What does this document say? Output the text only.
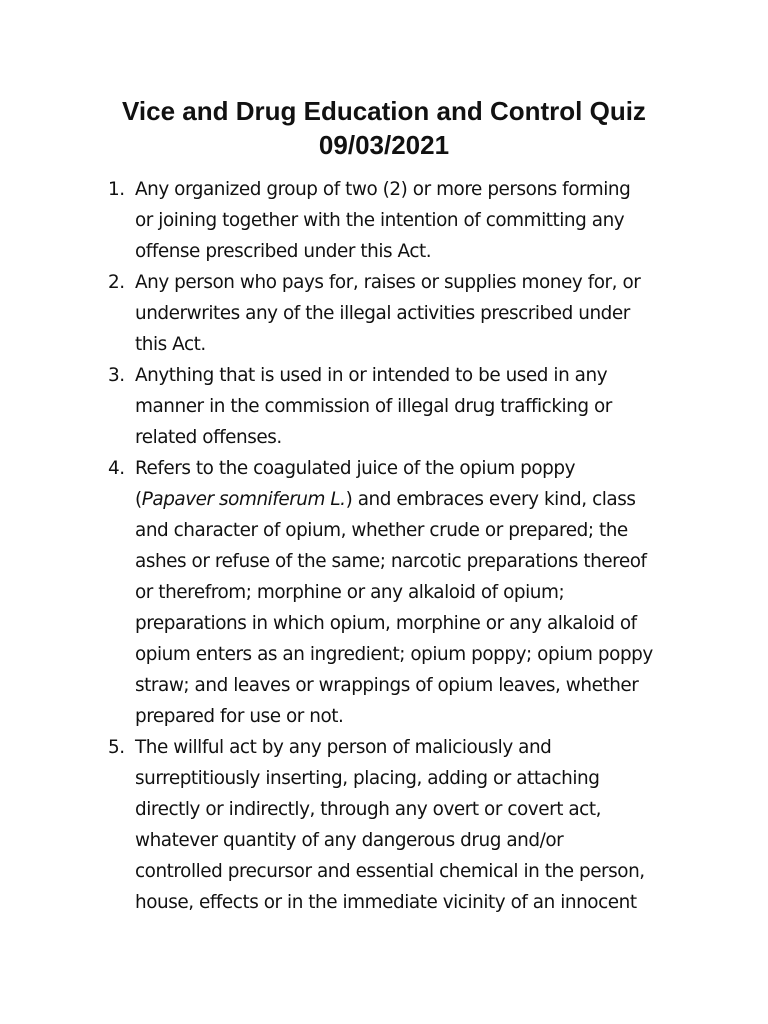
Vice and Drug Education and Control Quiz
09/03/2021
1. Any organized group of two (2) or more persons forming
or joining together with the intention of committing any
offense prescribed under this Act.
2. Any person who pays for, raises or supplies money for, or
underwrites any of the illegal activities prescribed under
this Act.
3. Anything that is used in or intended to be used in any
manner in the commission of illegal drug trafficking or
related offenses.
4. Refers to the coagulated juice of the opium poppy
(Papaver somniferum L.) and embraces every kind, class
and character of opium, whether crude or prepared; the
ashes or refuse of the same; narcotic preparations thereof
or therefrom; morphine or any alkaloid of opium;
preparations in which opium, morphine or any alkaloid of
opium enters as an ingredient; opium poppy; opium poppy
straw; and leaves or wrappings of opium leaves, whether
prepared for use or not.
5. The willful act by any person of maliciously and
surreptitiously inserting, placing, adding or attaching
directly or indirectly, through any overt or covert act,
whatever quantity of any dangerous drug and/or
controlled precursor and essential chemical in the person,
house, effects or in the immediate vicinity of an innocent
